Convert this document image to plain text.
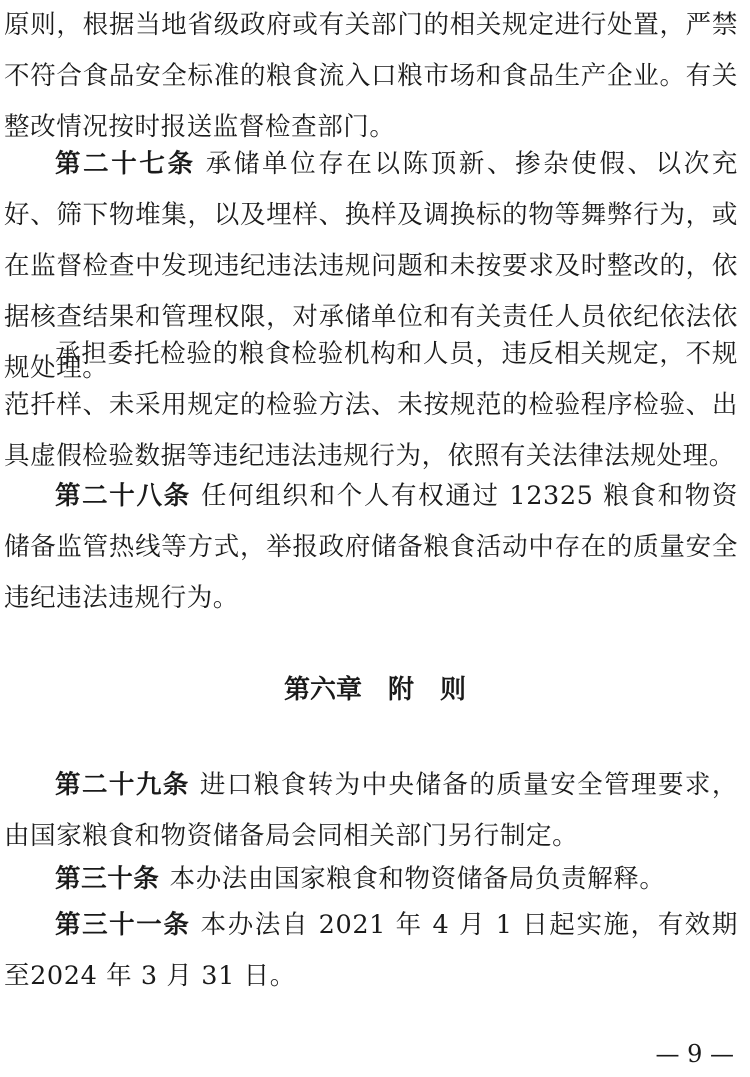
原则，根据当地省级政府或有关部门的相关规定进行处置，严禁不符合食品安全标准的粮食流入口粮市场和食品生产企业。有关整改情况按时报送监督检查部门。

第二十七条 承储单位存在以陈顶新、掺杂使假、以次充好、筛下物堆集，以及埋样、换样及调换标的物等舞弊行为，或在监督检查中发现违纪违法违规问题和未按要求及时整改的，依据核查结果和管理权限，对承储单位和有关责任人员依纪依法依规处理。

承担委托检验的粮食检验机构和人员，违反相关规定，不规范扦样、未采用规定的检验方法、未按规范的检验程序检验、出具虚假检验数据等违纪违法违规行为，依照有关法律法规处理。

第二十八条 任何组织和个人有权通过 12325 粮食和物资储备监管热线等方式，举报政府储备粮食活动中存在的质量安全违纪违法违规行为。

第六章　附　则

第二十九条 进口粮食转为中央储备的质量安全管理要求，由国家粮食和物资储备局会同相关部门另行制定。

第三十条 本办法由国家粮食和物资储备局负责解释。

第三十一条 本办法自 2021 年 4 月 1 日起实施，有效期至2024 年 3 月 31 日。

— 9 —
